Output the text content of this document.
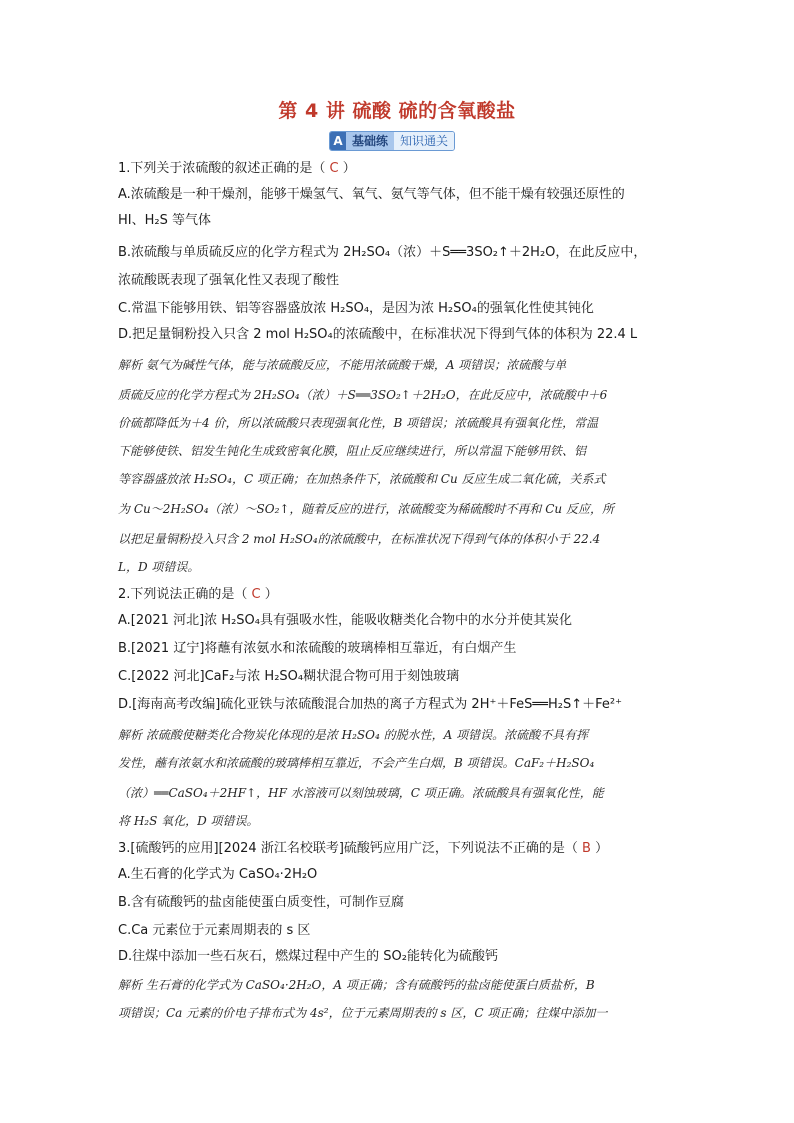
第 4 讲 硫酸 硫的含氧酸盐
A 基础练	知识通关
1.下列关于浓硫酸的叙述正确的是（ C ）
A.浓硫酸是一种干燥剂，能够干燥氢气、氧气、氨气等气体，但不能干燥有较强还原性的
HI、H₂S 等气体
B.浓硫酸与单质硫反应的化学方程式为 2H₂SO₄（浓）＋S══3SO₂↑＋2H₂O，在此反应中，
浓硫酸既表现了强氧化性又表现了酸性
C.常温下能够用铁、铝等容器盛放浓 H₂SO₄，是因为浓 H₂SO₄的强氧化性使其钝化
D.把足量铜粉投入只含 2 mol H₂SO₄的浓硫酸中，在标准状况下得到气体的体积为 22.4 L
解析 氨气为碱性气体，能与浓硫酸反应，不能用浓硫酸干燥，A 项错误；浓硫酸与单
质硫反应的化学方程式为 2H₂SO₄（浓）＋S══3SO₂↑＋2H₂O，在此反应中，浓硫酸中＋6
价硫都降低为＋4 价，所以浓硫酸只表现强氧化性，B 项错误；浓硫酸具有强氧化性，常温
下能够使铁、铝发生钝化生成致密氧化膜，阻止反应继续进行，所以常温下能够用铁、铝
等容器盛放浓 H₂SO₄，C 项正确；在加热条件下，浓硫酸和 Cu 反应生成二氧化硫，关系式
为 Cu～2H₂SO₄（浓）～SO₂↑，随着反应的进行，浓硫酸变为稀硫酸时不再和 Cu 反应，所
以把足量铜粉投入只含 2 mol H₂SO₄的浓硫酸中，在标准状况下得到气体的体积小于 22.4
L，D 项错误。
2.下列说法正确的是（ C ）
A.[2021 河北]浓 H₂SO₄具有强吸水性，能吸收糖类化合物中的水分并使其炭化
B.[2021 辽宁]将蘸有浓氨水和浓硫酸的玻璃棒相互靠近，有白烟产生
C.[2022 河北]CaF₂与浓 H₂SO₄糊状混合物可用于刻蚀玻璃
D.[海南高考改编]硫化亚铁与浓硫酸混合加热的离子方程式为 2H⁺＋FeS══H₂S↑＋Fe²⁺
解析 浓硫酸使糖类化合物炭化体现的是浓 H₂SO₄ 的脱水性，A 项错误。浓硫酸不具有挥
发性，蘸有浓氨水和浓硫酸的玻璃棒相互靠近，不会产生白烟，B 项错误。CaF₂＋H₂SO₄
（浓）══CaSO₄＋2HF↑，HF 水溶液可以刻蚀玻璃，C 项正确。浓硫酸具有强氧化性，能
将 H₂S 氧化，D 项错误。
3.[硫酸钙的应用][2024 浙江名校联考]硫酸钙应用广泛，下列说法不正确的是（ B ）
A.生石膏的化学式为 CaSO₄·2H₂O
B.含有硫酸钙的盐卤能使蛋白质变性，可制作豆腐
C.Ca 元素位于元素周期表的 s 区
D.往煤中添加一些石灰石，燃煤过程中产生的 SO₂能转化为硫酸钙
解析 生石膏的化学式为 CaSO₄·2H₂O，A 项正确；含有硫酸钙的盐卤能使蛋白质盐析，B
项错误；Ca 元素的价电子排布式为 4s²，位于元素周期表的 s 区，C 项正确；往煤中添加一
